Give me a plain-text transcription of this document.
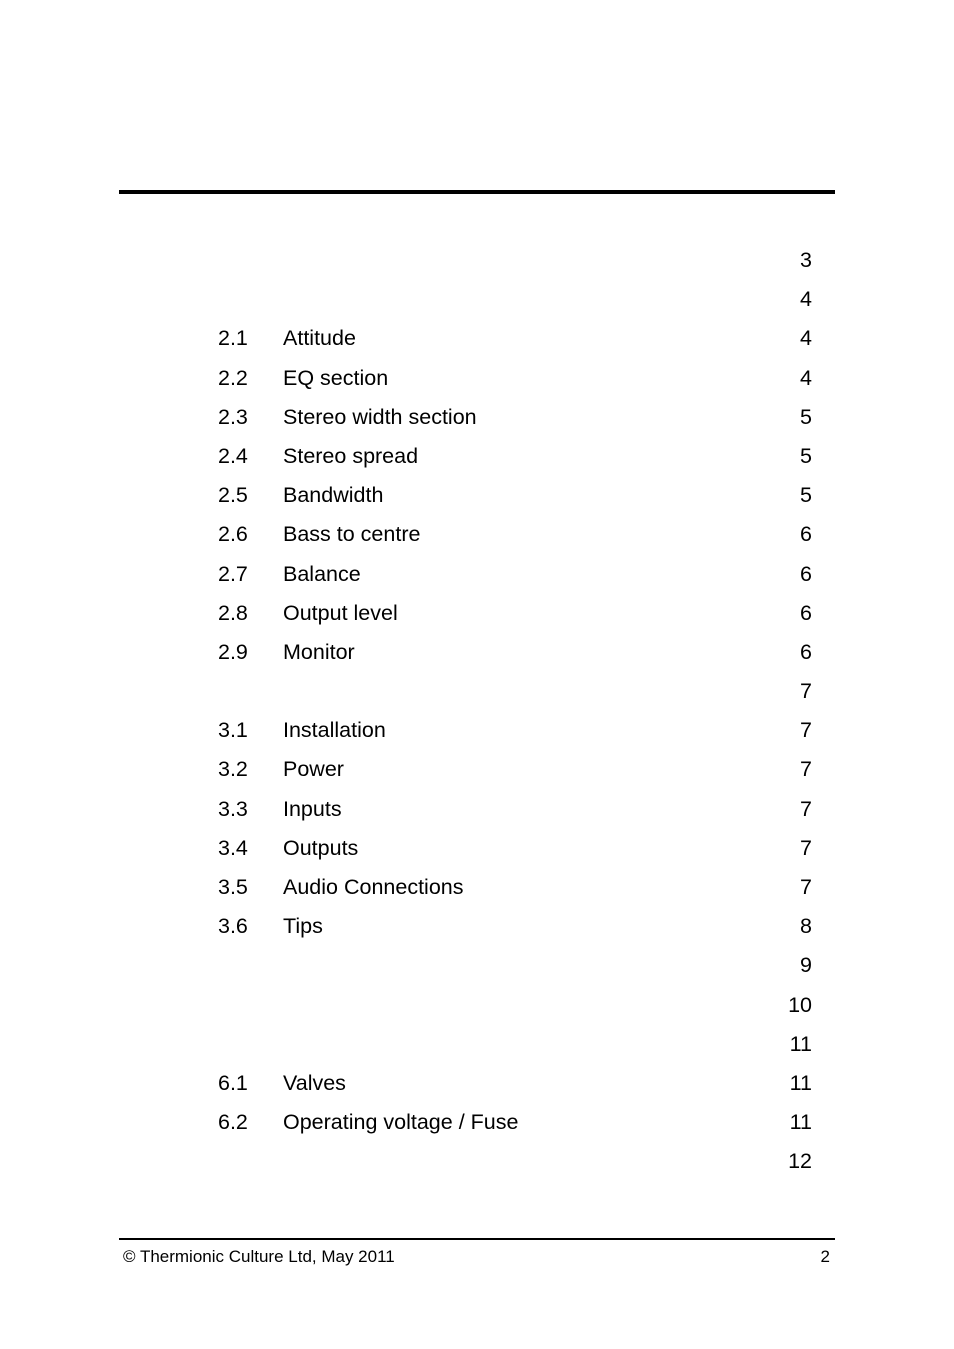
3
4
2.1 Attitude	4
2.2 EQ section	4
2.3 Stereo width section	5
2.4 Stereo spread	5
2.5 Bandwidth	5
2.6 Bass to centre	6
2.7 Balance	6
2.8 Output level	6
2.9 Monitor	6
7
3.1 Installation	7
3.2 Power	7
3.3 Inputs	7
3.4 Outputs	7
3.5 Audio Connections	7
3.6 Tips	8
9
10
11
6.1 Valves	11
6.2 Operating voltage / Fuse	11
12
© Thermionic Culture Ltd, May 2011	2
